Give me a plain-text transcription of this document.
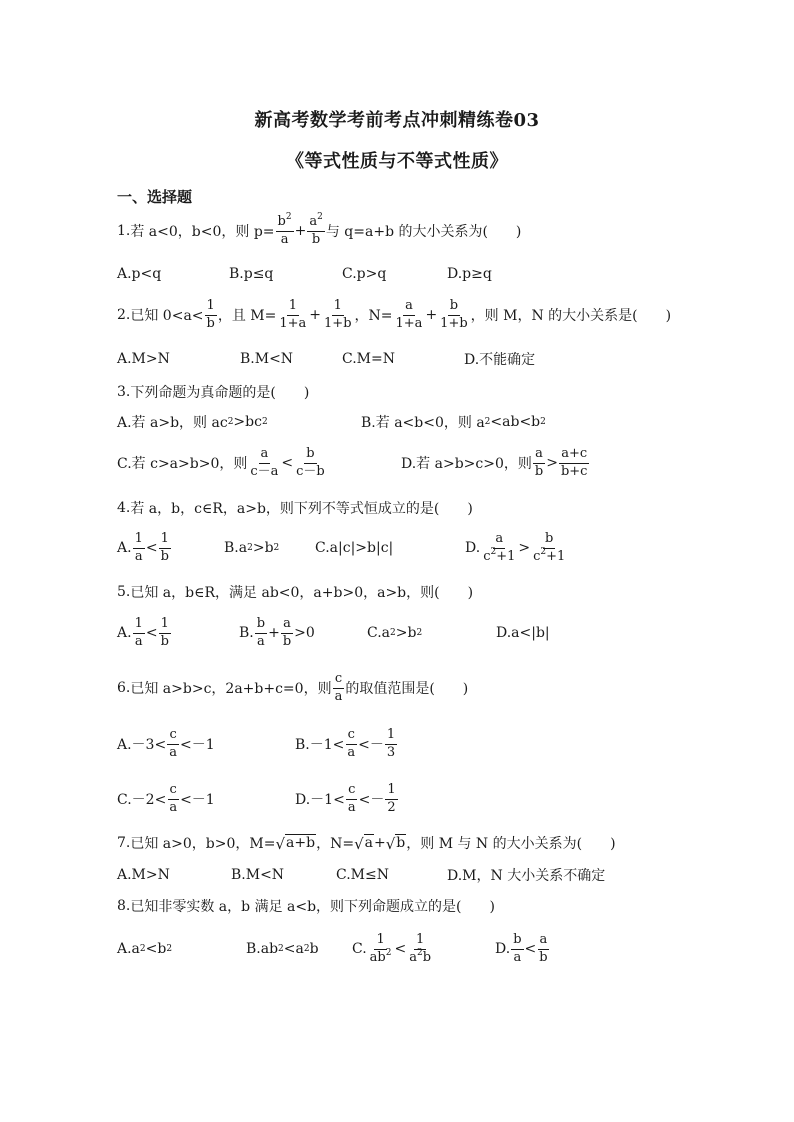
新高考数学考前考点冲刺精练卷03
《等式性质与不等式性质》
一、选择题
1. 若 a<0，b<0，则 $p= \frac{b^2}{a} + \frac{a^2}{b}$ 与 q=a+b 的大小关系为(　　)
A.p<q	B.p≤q	C.p>q	D.p≥q
2. 已知 $0<a< \frac{1}{b}$ ，且 $M= \frac{1}{1+a} + \frac{1}{1+b}$ ，$N= \frac{a}{1+a} + \frac{b}{1+b}$ ，则 M，N 的大小关系是(　　)
A.M>N	B.M<N	C.M=N	D.不能确定
3. 下列命题为真命题的是(　　)
A.若 a>b，则 ac 2 >bc 2	B.若 a<b<0，则 a 2 <ab<b 2
C.若 c>a>b>0，则 $\frac{a}{c-a} < \frac{b}{c-b}$	D.若 a>b>c>0，则 $\frac{a}{b} > \frac{a+c}{b+c}$
4. 若 a，b，c∈R，a>b，则下列不等式恒成立的是(　　)
A. $\frac{1}{a} < \frac{1}{b}$	B.a 2 > b 2	C.a|c|>b|c|	D. $\frac{a}{c^2+1} > \frac{b}{c^2+1}$
5. 已知 a，b∈R，满足 ab<0，a+b>0，a>b，则(　　)
A. $\frac{1}{a} < \frac{1}{b}$	B. $\frac{b}{a} + \frac{a}{b} >0$	C.a 2 > b 2	D.a<|b|
6. 已知 a>b>c，2a+b+c=0，则 $\frac{c}{a}$ 的取值范围是(　　)
$A.-3< \frac{c}{a} <-1$	$B.-1< \frac{c}{a} <- \frac{1}{3}$
$C.-2< \frac{c}{a} <-1$	$D.-1< \frac{c}{a} <- \frac{1}{2}$
7. 已知 a>0，b>0，M= √ a+b ，N= √ a + √ b ，则 M 与 N 的大小关系为(　　)
A.M>N	B.M<N	C.M≤N	D.M，N 大小关系不确定
8. 已知非零实数 a，b 满足 a<b，则下列命题成立的是(　　)
A.a 2 < b 2	B.ab 2 < a 2 b C. $\frac{1}{ab^2} < \frac{1}{a^2b}$	D. $\frac{b}{a} < \frac{a}{b}$
